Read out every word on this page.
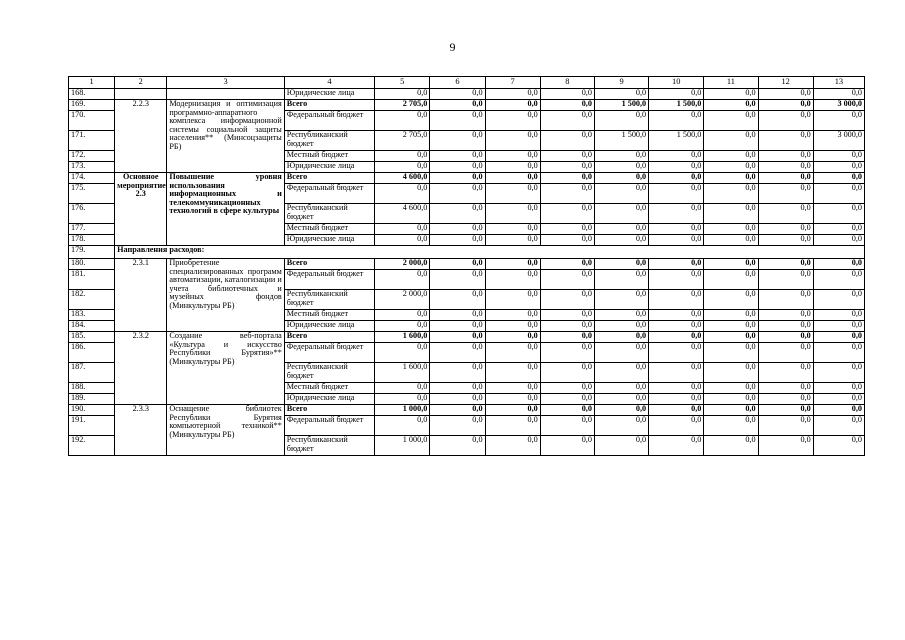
9
1	2	3	4	5	6	7	8	9	10	11	12	13
168.			Юридические лица	0,0	0,0	0,0	0,0	0,0	0,0	0,0	0,0	0,0
169.	2.2.3	Модернизация и оптимизация программно-аппаратного комплекса информационной системы социальной защиты населения** (Минсоцзащиты РБ)	Всего	2 705,0	0,0	0,0	0,0	1 500,0	1 500,0	0,0	0,0	3 000,0
170.			Федеральный бюджет	0,0	0,0	0,0	0,0	0,0	0,0	0,0	0,0	0,0
171.			Республиканский бюджет	2 705,0	0,0	0,0	0,0	1 500,0	1 500,0	0,0	0,0	3 000,0
172.			Местный бюджет	0,0	0,0	0,0	0,0	0,0	0,0	0,0	0,0	0,0
173.			Юридические лица	0,0	0,0	0,0	0,0	0,0	0,0	0,0	0,0	0,0
174.	Основное мероприятие 2.3	Повышение уровня использования информационных и телекоммуникационных технологий в сфере культуры	Всего	4 600,0	0,0	0,0	0,0	0,0	0,0	0,0	0,0	0,0
175.			Федеральный бюджет	0,0	0,0	0,0	0,0	0,0	0,0	0,0	0,0	0,0
176.			Республиканский бюджет	4 600,0	0,0	0,0	0,0	0,0	0,0	0,0	0,0	0,0
177.			Местный бюджет	0,0	0,0	0,0	0,0	0,0	0,0	0,0	0,0	0,0
178.			Юридические лица	0,0	0,0	0,0	0,0	0,0	0,0	0,0	0,0	0,0
179.	Направления расходов:											
180.	2.3.1	Приобретение специализированных программ автоматизации, каталогизации и учета библиотечных и музейных фондов (Минкультуры РБ)	Всего	2 000,0	0,0	0,0	0,0	0,0	0,0	0,0	0,0	0,0
181.			Федеральный бюджет	0,0	0,0	0,0	0,0	0,0	0,0	0,0	0,0	0,0
182.			Республиканский бюджет	2 000,0	0,0	0,0	0,0	0,0	0,0	0,0	0,0	0,0
183.			Местный бюджет	0,0	0,0	0,0	0,0	0,0	0,0	0,0	0,0	0,0
184.			Юридические лица	0,0	0,0	0,0	0,0	0,0	0,0	0,0	0,0	0,0
185.	2.3.2	Создание веб-портала «Культура и искусство Республики Бурятия»** (Минкультуры РБ)	Всего	1 600,0	0,0	0,0	0,0	0,0	0,0	0,0	0,0	0,0
186.			Федеральный бюджет	0,0	0,0	0,0	0,0	0,0	0,0	0,0	0,0	0,0
187.			Республиканский бюджет	1 600,0	0,0	0,0	0,0	0,0	0,0	0,0	0,0	0,0
188.			Местный бюджет	0,0	0,0	0,0	0,0	0,0	0,0	0,0	0,0	0,0
189.			Юридические лица	0,0	0,0	0,0	0,0	0,0	0,0	0,0	0,0	0,0
190.	2.3.3	Оснащение библиотек Республики Бурятия компьютерной техникой** (Минкультуры РБ)	Всего	1 000,0	0,0	0,0	0,0	0,0	0,0	0,0	0,0	0,0
191.			Федеральный бюджет	0,0	0,0	0,0	0,0	0,0	0,0	0,0	0,0	0,0
192.			Республиканский бюджет	1 000,0	0,0	0,0	0,0	0,0	0,0	0,0	0,0	0,0
